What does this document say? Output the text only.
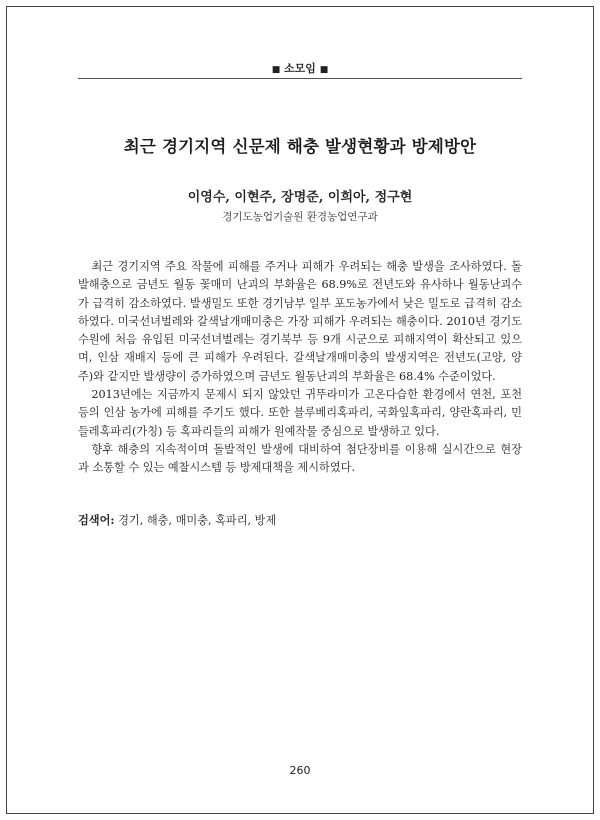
■ 소모임 ■
최근 경기지역 신문제 해충 발생현황과 방제방안
이영수, 이현주, 장명준, 이희아, 정구현
경기도농업기술원 환경농업연구과

최근 경기지역 주요 작물에 피해를 주거나 피해가 우려되는 해충 발생을 조사하였다. 돌발해충으로 금년도 월동 꽃매미 난괴의 부화율은 68.9%로 전년도와 유사하나 월동난괴수가 급격히 감소하였다. 발생밀도 또한 경기남부 일부 포도농가에서 낮은 밀도로 급격히 감소하였다. 미국선녀벌레와 갈색날개매미충은 가장 피해가 우려되는 해충이다. 2010년 경기도 수원에 처음 유입된 미국선녀벌레는 경기북부 등 9개 시군으로 피해지역이 확산되고 있으며, 인삼 재배지 등에 큰 피해가 우려된다. 갈색날개매미충의 발생지역은 전년도(고양, 양주)와 같지만 발생량이 증가하였으며 금년도 월동난괴의 부화율은 68.4% 수준이었다.

2013년에는 지금까지 문제시 되지 않았던 귀뚜라미가 고온다습한 환경에서 연천, 포천 등의 인삼 농가에 피해를 주기도 했다. 또한 블루베리혹파리, 국화잎혹파리, 양란혹파리, 민들레혹파리(가칭) 등 혹파리들의 피해가 원예작물 중심으로 발생하고 있다.

향후 해충의 지속적이며 돌발적인 발생에 대비하여 첨단장비를 이용해 실시간으로 현장과 소통할 수 있는 예찰시스템 등 방제대책을 제시하였다.

검색어: 경기, 해충, 매미충, 혹파리, 방제
260
